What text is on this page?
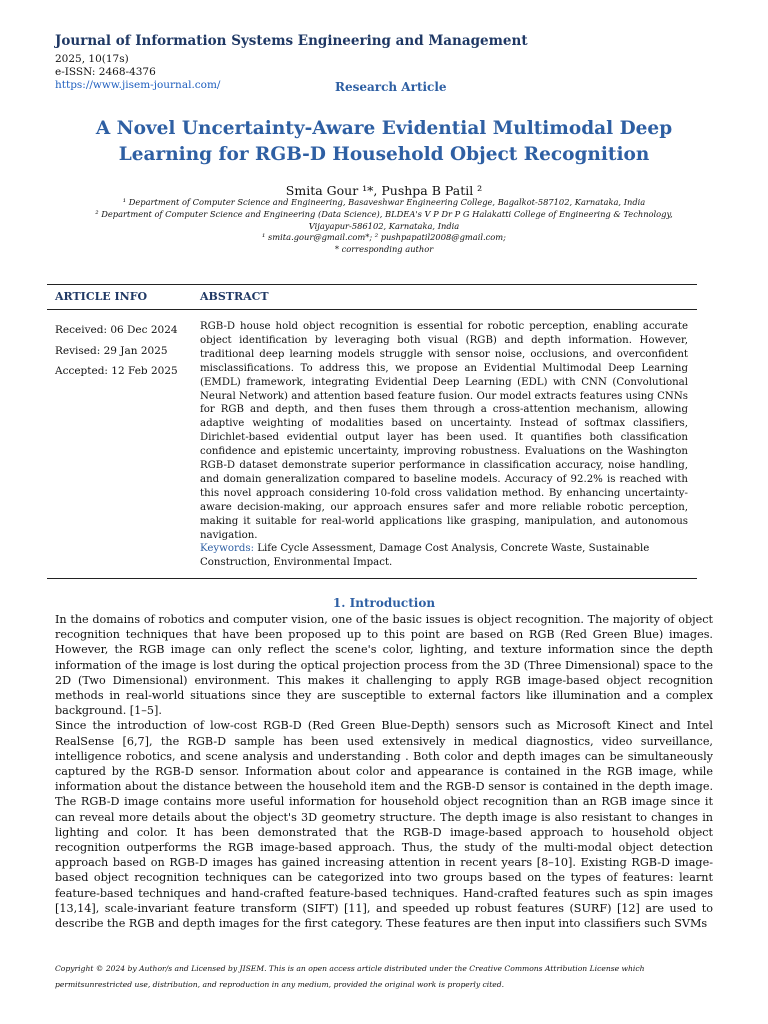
Journal of Information Systems Engineering and Management
2025, 10(17s)
e-ISSN: 2468-4376
https://www.jisem-journal.com/	Research Article
A Novel Uncertainty-Aware Evidential Multimodal Deep
Learning for RGB-D Household Object Recognition
Smita Gour ¹*, Pushpa B Patil ²
¹ Department of Computer Science and Engineering, Basaveshwar Engineering College, Bagalkot-587102, Karnataka, India
² Department of Computer Science and Engineering (Data Science), BLDEA's V P Dr P G Halakatti College of Engineering & Technology,
Vijayapur-586102, Karnataka, India
¹ smita.gour@gmail.com*; ² pushpapatil2008@gmail.com;
* corresponding author
ARTICLE INFO	ABSTRACT
Received: 06 Dec 2024
Revised: 29 Jan 2025
Accepted: 12 Feb 2025
RGB-D house hold object recognition is essential for robotic perception, enabling accurate object identification by leveraging both visual (RGB) and depth information. However, traditional deep learning models struggle with sensor noise, occlusions, and overconfident misclassifications. To address this, we propose an Evidential Multimodal Deep Learning (EMDL) framework, integrating Evidential Deep Learning (EDL) with CNN (Convolutional Neural Network) and attention based feature fusion. Our model extracts features using CNNs for RGB and depth, and then fuses them through a cross-attention mechanism, allowing adaptive weighting of modalities based on uncertainty. Instead of softmax classifiers, Dirichlet-based evidential output layer has been used. It quantifies both classification confidence and epistemic uncertainty, improving robustness. Evaluations on the Washington RGB-D dataset demonstrate superior performance in classification accuracy, noise handling, and domain generalization compared to baseline models. Accuracy of 92.2% is reached with this novel approach considering 10-fold cross validation method. By enhancing uncertainty-aware decision-making, our approach ensures safer and more reliable robotic perception, making it suitable for real-world applications like grasping, manipulation, and autonomous navigation.
Keywords: Life Cycle Assessment, Damage Cost Analysis, Concrete Waste, Sustainable Construction, Environmental Impact.
1. Introduction

In the domains of robotics and computer vision, one of the basic issues is object recognition. The majority of object recognition techniques that have been proposed up to this point are based on RGB (Red Green Blue) images. However, the RGB image can only reflect the scene's color, lighting, and texture information since the depth information of the image is lost during the optical projection process from the 3D (Three Dimensional) space to the 2D (Two Dimensional) environment. This makes it challenging to apply RGB image-based object recognition methods in real-world situations since they are susceptible to external factors like illumination and a complex background. [1–5].

Since the introduction of low-cost RGB-D (Red Green Blue-Depth) sensors such as Microsoft Kinect and Intel RealSense [6,7], the RGB-D sample has been used extensively in medical diagnostics, video surveillance, intelligence robotics, and scene analysis and understanding . Both color and depth images can be simultaneously captured by the RGB-D sensor. Information about color and appearance is contained in the RGB image, while information about the distance between the household item and the RGB-D sensor is contained in the depth image. The RGB-D image contains more useful information for household object recognition than an RGB image since it can reveal more details about the object's 3D geometry structure. The depth image is also resistant to changes in lighting and color. It has been demonstrated that the RGB-D image-based approach to household object recognition outperforms the RGB image-based approach. Thus, the study of the multi-modal object detection approach based on RGB-D images has gained increasing attention in recent years [8–10]. Existing RGB-D image-based object recognition techniques can be categorized into two groups based on the types of features: learnt feature-based techniques and hand-crafted feature-based techniques. Hand-crafted features such as spin images [13,14], scale-invariant feature transform (SIFT) [11], and speeded up robust features (SURF) [12] are used to describe the RGB and depth images for the first category. These features are then input into classifiers such SVMs

Copyright © 2024 by Author/s and Licensed by JISEM. This is an open access article distributed under the Creative Commons Attribution License which
permitsunrestricted use, distribution, and reproduction in any medium, provided the original work is properly cited.
